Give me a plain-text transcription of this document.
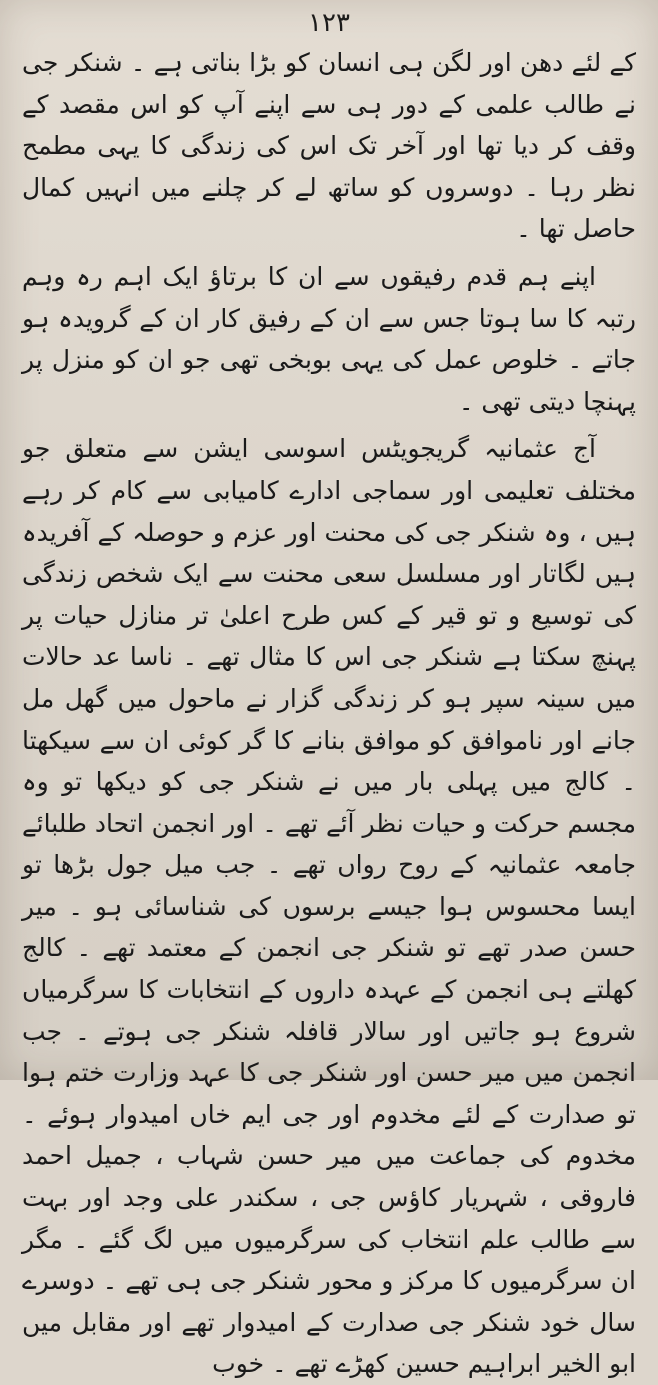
۱۲۳

کے لئے دھن اور لگن ہی انسان کو بڑا بناتی ہے ۔ شنکر جی نے طالب علمی کے دور ہی سے اپنے آپ کو اس مقصد کے وقف کر دیا تھا اور آخر تک اس کی زندگی کا یہی مطمح نظر رہا ۔ دوسروں کو ساتھ لے کر چلنے میں انہیں کمال حاصل تھا ۔

اپنے ہم قدم رفیقوں سے ان کا برتاؤ ایک اہم رہ وہم رتبہ کا سا ہوتا جس سے ان کے رفیق کار ان کے گرویدہ ہو جاتے ۔ خلوص عمل کی یہی بوبخی تھی جو ان کو منزل پر پہنچا دیتی تھی ۔

آج عثمانیہ گریجویٹس اسوسی ایشن سے متعلق جو مختلف تعلیمی اور سماجی ادارے کامیابی سے کام کر رہے ہیں ، وہ شنکر جی کی محنت اور عزم و حوصلہ کے آفریدہ ہیں لگاتار اور مسلسل سعی محنت سے ایک شخص زندگی کی توسیع و تو قیر کے کس طرح اعلیٰ تر منازل حیات پر پہنچ سکتا ہے شنکر جی اس کا مثال تھے ۔ ناسا عد حالات میں سینہ سپر ہو کر زندگی گزار نے ماحول میں گھل مل جانے اور ناموافق کو موافق بنانے کا گر کوئی ان سے سیکھتا ۔ کالج میں پہلی بار میں نے شنکر جی کو دیکھا تو وہ مجسم حرکت و حیات نظر آئے تھے ۔ اور انجمن اتحاد طلبائے جامعہ عثمانیہ کے روح رواں تھے ۔ جب میل جول بڑھا تو ایسا محسوس ہوا جیسے برسوں کی شناسائی ہو ۔ میر حسن صدر تھے تو شنکر جی انجمن کے معتمد تھے ۔ کالج کھلتے ہی انجمن کے عہدہ داروں کے انتخابات کا سرگرمیاں شروع ہو جاتیں اور سالار قافلہ شنکر جی ہوتے ۔ جب انجمن میں میر حسن اور شنکر جی کا عہد وزارت ختم ہوا تو صدارت کے لئے مخدوم اور جی ایم خاں امیدوار ہوئے ۔ مخدوم کی جماعت میں میر حسن شہاب ، جمیل احمد فاروقی ، شہریار کاؤس جی ، سکندر علی وجد اور بہت سے طالب علم انتخاب کی سرگرمیوں میں لگ گئے ۔ مگر ان سرگرمیوں کا مرکز و محور شنکر جی ہی تھے ۔ دوسرے سال خود شنکر جی صدارت کے امیدوار تھے اور مقابل میں ابو الخیر ابراہیم حسین کھڑے تھے ۔ خوب
